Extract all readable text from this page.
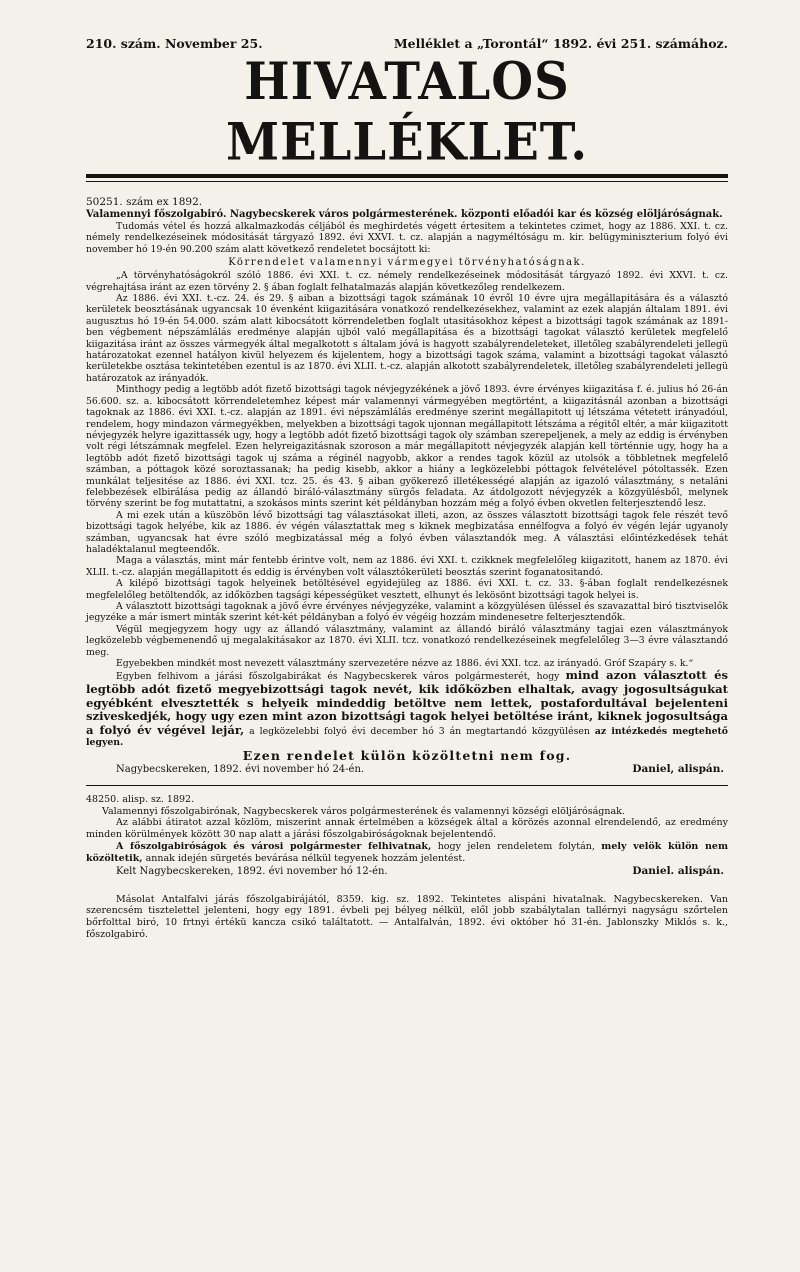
210. szám. November 25.	Melléklet a „Torontál“ 1892. évi 251. számához.
HIVATALOS MELLÉKLET.
50251. szám ex 1892.
Valamennyi főszolgabiró. Nagybecskerek város polgármesterének. központi előadói kar és község elöljáróságnak.

Tudomás vétel és hozzá alkalmazkodás céljából és meghirdetés végett értesitem a tekintetes czimet, hogy az 1886. XXI. t. cz. némely rendelkezéseinek módositását tárgyazó 1892. évi XXVI. t. cz. alapján a nagyméltóságu m. kir. belügyminiszterium folyó évi november hó 19-én 90.200 szám alatt következő rendeletet bocsájtott ki:

Körrendelet valamennyi vármegyei törvényhatóságnak.

„A törvényhatóságokról szóló 1886. évi XXI. t. cz. némely rendelkezéseinek módositását tárgyazó 1892. évi XXVI. t. cz. végrehajtása iránt az ezen törvény 2. § ában foglalt felhatalmazás alapján következőleg rendelkezem.

Az 1886. évi XXI. t.-cz. 24. és 29. § aiban a bizottsági tagok számának 10 évről 10 évre ujra megállapitására és a választó kerületek beosztásának ugyancsak 10 évenként kiigazitására vonatkozó rendelkezésekhez, valamint az ezek alapján általam 1891. évi augusztus hó 19-én 54.000. szám alatt kibocsátott körrendeletben foglalt utasitásokhoz képest a bizottsági tagok számának az 1891-ben végbement népszámlálás eredménye alapján ujból való megállapitása és a bizottsági tagokat választó kerületek megfelelő kiigazitása iránt az összes vármegyék által megalkotott s általam jóvá is hagyott szabályrendeleteket, illetőleg szabályrendeleti jellegü határozatokat ezennel hatályon kivül helyezem és kijelentem, hogy a bizottsági tagok száma, valamint a bizottsági tagokat választó kerületekbe osztása tekintetében ezentul is az 1870. évi XLII. t.-cz. alapján alkotott szabályrendeletek, illetőleg szabályrendeleti jellegü határozatok az irányadók.

Minthogy pedig a legtöbb adót fizető bizottsági tagok névjegyzékének a jövő 1893. évre érvényes kiigazitása f. é. julius hó 26-án 56.600. sz. a. kibocsátott körrendeletemhez képest már valamennyi vármegyében megtörtént, a kiigazitásnál azonban a bizottsági tagoknak az 1886. évi XXI. t.-cz. alapján az 1891. évi népszámlálás eredménye szerint megállapitott uj létszáma vétetett irányadóul, rendelem, hogy mindazon vármegyékben, melyekben a bizottsági tagok ujonnan megállapitott létszáma a régitől eltér, a már kiigazitott névjegyzék helyre igazittassék ugy, hogy a legtöbb adót fizető bizottsági tagok oly számban szerepeljenek, a mely az eddig is érvényben volt régi létszámnak megfelel. Ezen helyreigazitásnak szoroson a már megállapitott névjegyzék alapján kell történnie ugy, hogy ha a legtöbb adót fizető bizottsági tagok uj száma a réginél nagyobb, akkor a rendes tagok közül az utolsók a többletnek megfelelő számban, a póttagok közé soroztassanak; ha pedig kisebb, akkor a hiány a legközelebbi póttagok felvételével pótoltassék. Ezen munkálat teljesitése az 1886. évi XXI. tcz. 25. és 43. § aiban gyökerező illetékességé alapján az igazoló választmány, s netaláni felebbezések elbirálása pedig az állandó biráló-választmány sürgős feladata. Az átdolgozott névjegyzék a közgyülésből, melynek törvény szerint be fog mutattatni, a szokásos mints szerint két példányban hozzám még a folyó évben okvetlen felterjesztendő lesz.

A mi ezek után a küszöbön lévő bizottsági tag választásokat illeti, azon, az összes választott bizottsági tagok fele részét tevő bizottsági tagok helyébe, kik az 1886. év végén választattak meg s kiknek megbizatása ennélfogva a folyó év végén lejár ugyanoly számban, ugyancsak hat évre szóló megbizatással még a folyó évben választandók meg. A választási előintézkedések tehát haladéktalanul megteendők.

Maga a választás, mint már fentebb érintve volt, nem az 1886. évi XXI. t. czikknek megfelelőleg kiigazitott, hanem az 1870. évi XLII. t.-cz. alapján megállapitott és eddig is érvényben volt választókerületi beosztás szerint foganatositandó.

A kilépő bizottsági tagok helyeinek betöltésével egyidejüleg az 1886. évi XXI. t. cz. 33. §-ában foglalt rendelkezésnek megfelelőleg betöltendők, az időközben tagsági képességüket vesztett, elhunyt és lekösönt bizottsági tagok helyei is.

A választott bizottsági tagoknak a jövő évre érvényes névjegyzéke, valamint a közgyülésen üléssel és szavazattal biró tisztviselők jegyzéke a már ismert minták szerint két-két példányban a folyó év végéig hozzám mindenesetre felterjesztendők.

Végül megjegyzem hogy ugy az állandó választmány, valamint az állandó biráló választmány tagjai ezen választmányok legközelebb végbemenendő uj megalakitásakor az 1870. évi XLII. tcz. vonatkozó rendelkezéseinek megfelelőleg 3—3 évre választandó meg.

Egyebekben mindkét most nevezett választmány szervezetére nézve az 1886. évi XXI. tcz. az irányadó. Gróf Szapáry s. k.“

Egyben felhivom a járási főszolgabirákat és Nagybecskerek város polgármesterét, hogy mind azon választott és legtöbb adót fizető megyebizottsági tagok nevét, kik időközben elhaltak, avagy jogosultságukat egyébként elvesztették s helyeik mindeddig betöltve nem lettek, postafordultával bejelenteni sziveskedjék, hogy ugy ezen mint azon bizottsági tagok helyei betöltése iránt, kiknek jogosultsága a folyó év végével lejár, a legközelebbi folyó évi december hó 3 án megtartandó közgyülésen az intézkedés megtehető legyen.

Ezen rendelet külön közöltetni nem fog.
Nagybecskereken, 1892. évi november hó 24-én.	Daniel, alispán.
48250. alisp. sz. 1892.

Valamennyi főszolgabirónak, Nagybecskerek város polgármesterének és valamennyi községi elöljáróságnak.

Az alábbi átiratot azzal közlöm, miszerint annak értelmében a községek által a körözés azonnal elrendelendő, az eredmény minden körülmények között 30 nap alatt a járási főszolgabiróságoknak bejelentendő.

A főszolgabiróságok és városi polgármester felhivatnak, hogy jelen rendeletem folytán, mely velök külön nem közöltetik, annak idején sürgetés bevárása nélkül tegyenek hozzám jelentést.

Kelt Nagybecskereken, 1892. évi november hó 12-én.	Daniel. alispán.

Másolat Antalfalvi járás főszolgabirájától, 8359. kig. sz. 1892. Tekintetes alispáni hivatalnak. Nagybecskereken. Van szerencsém tisztelettel jelenteni, hogy egy 1891. évbeli pej bélyeg nélkül, elől jobb szabálytalan tallérnyi nagyságu szőrtelen bőrfolttal biró, 10 frtnyi értékü kancza csikó találtatott. — Antalfalván, 1892. évi október hó 31-én. Jablonszky Miklós s. k., főszolgabiró.
